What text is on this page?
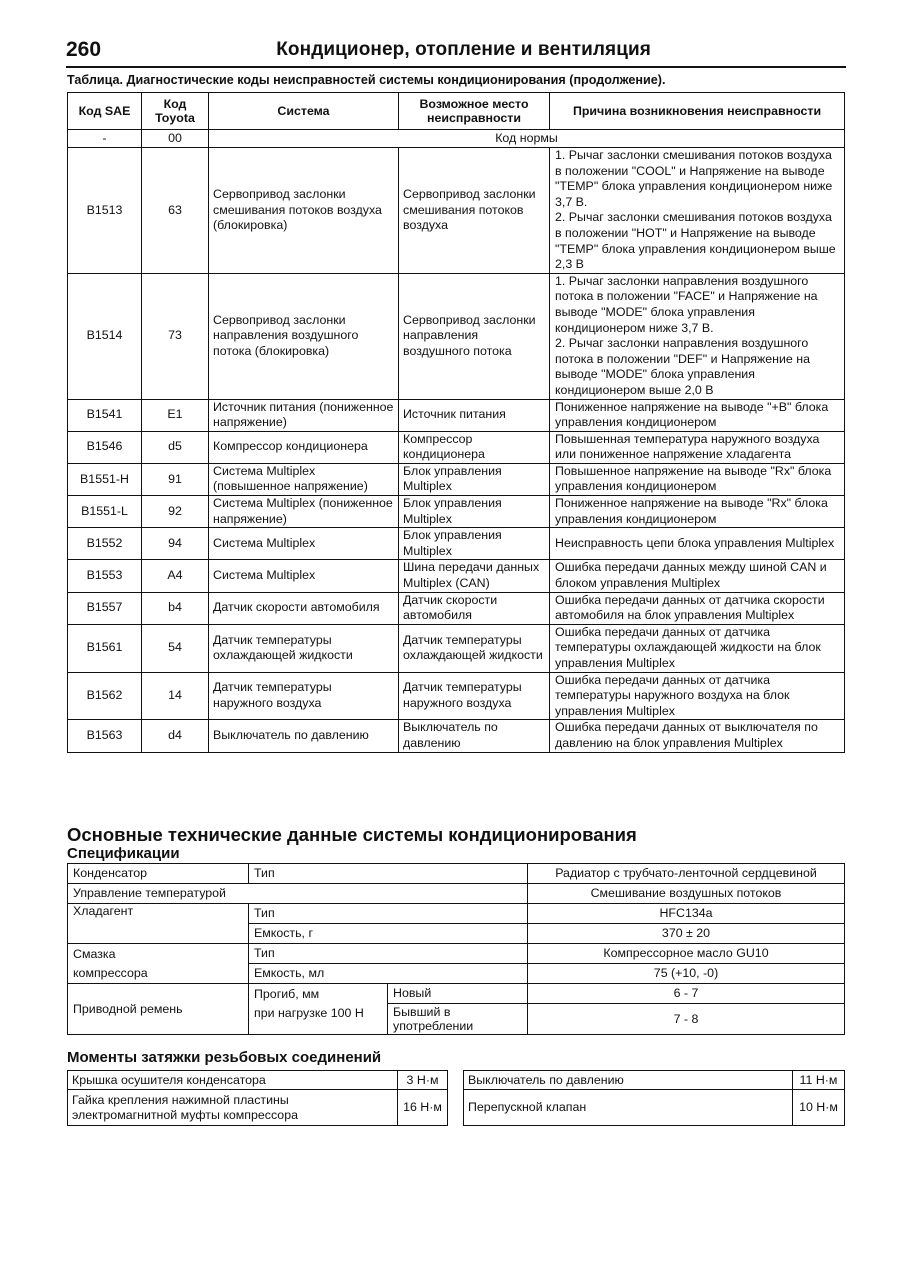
260	Кондиционер, отопление и вентиляция
Таблица. Диагностические коды неисправностей системы кондиционирования (продолжение).
Код SAE	Код Toyota	Система	Возможное место неисправности	Причина возникновения неисправности
-	00	Код нормы		
B1513	63	Сервопривод заслонки смешивания потоков воздуха (блокировка)	Сервопривод заслонки смешивания потоков воздуха	1. Рычаг заслонки смешивания потоков воздуха в положении "COOL" и Напряжение на выводе "TEMP" блока управления кондиционером ниже 3,7 В.
2. Рычаг заслонки смешивания потоков воздуха в положении "HOT" и Напряжение на выводе "TEMP" блока управления кондиционером выше 2,3 В
B1514	73	Сервопривод заслонки направления воздушного потока (блокировка)	Сервопривод заслонки направления воздушного потока	1. Рычаг заслонки направления воздушного потока в положении "FACE" и Напряжение на выводе "MODE" блока управления кондиционером ниже 3,7 В.
2. Рычаг заслонки направления воздушного потока в положении "DEF" и Напряжение на выводе "MODE" блока управления кондиционером выше 2,0 В
B1541	E1	Источник питания (пониженное напряжение)	Источник питания	Пониженное напряжение на выводе "+B" блока управления кондиционером
B1546	d5	Компрессор кондиционера	Компрессор кондиционера	Повышенная температура наружного воздуха или пониженное напряжение хладагента
B1551-H	91	Система Multiplex (повышенное напряжение)	Блок управления Multiplex	Повышенное напряжение на выводе "Rx" блока управления кондиционером
B1551-L	92	Система Multiplex (пониженное напряжение)	Блок управления Multiplex	Пониженное напряжение на выводе "Rx" блока управления кондиционером
B1552	94	Система Multiplex	Блок управления Multiplex	Неисправность цепи блока управления Multiplex
B1553	A4	Система Multiplex	Шина передачи данных Multiplex (CAN)	Ошибка передачи данных между шиной CAN и блоком управления Multiplex
B1557	b4	Датчик скорости автомобиля	Датчик скорости автомобиля	Ошибка передачи данных от датчика скорости автомобиля на блок управления Multiplex
B1561	54	Датчик температуры охлаждающей жидкости	Датчик температуры охлаждающей жидкости	Ошибка передачи данных от датчика температуры охлаждающей жидкости на блок управления Multiplex
B1562	14	Датчик температуры наружного воздуха	Датчик температуры наружного воздуха	Ошибка передачи данных от датчика температуры наружного воздуха на блок управления Multiplex
B1563	d4	Выключатель по давлению	Выключатель по давлению	Ошибка передачи данных от выключателя по давлению на блок управления Multiplex
Основные технические данные системы кондиционирования
Спецификации
Конденсатор	Тип		Радиатор с трубчато-ленточной сердцевиной
Управление температурой			Смешивание воздушных потоков
Хладагент	Тип		HFC134a
	Емкость, г		370 ± 20
Смазка	Тип		Компрессорное масло GU10
компрессора	Емкость, мл		75 (+10, -0)
Приводной ремень	Прогиб, мм	Новый	6 - 7
	при нагрузке 100 Н	Бывший в употреблении	7 - 8
Моменты затяжки резьбовых соединений
Крышка осушителя конденсатора	3 Н·м
Гайка крепления нажимной пластины электромагнитной муфты компрессора	16 Н·м
Выключатель по давлению	11 Н·м
Перепускной клапан	10 Н·м
